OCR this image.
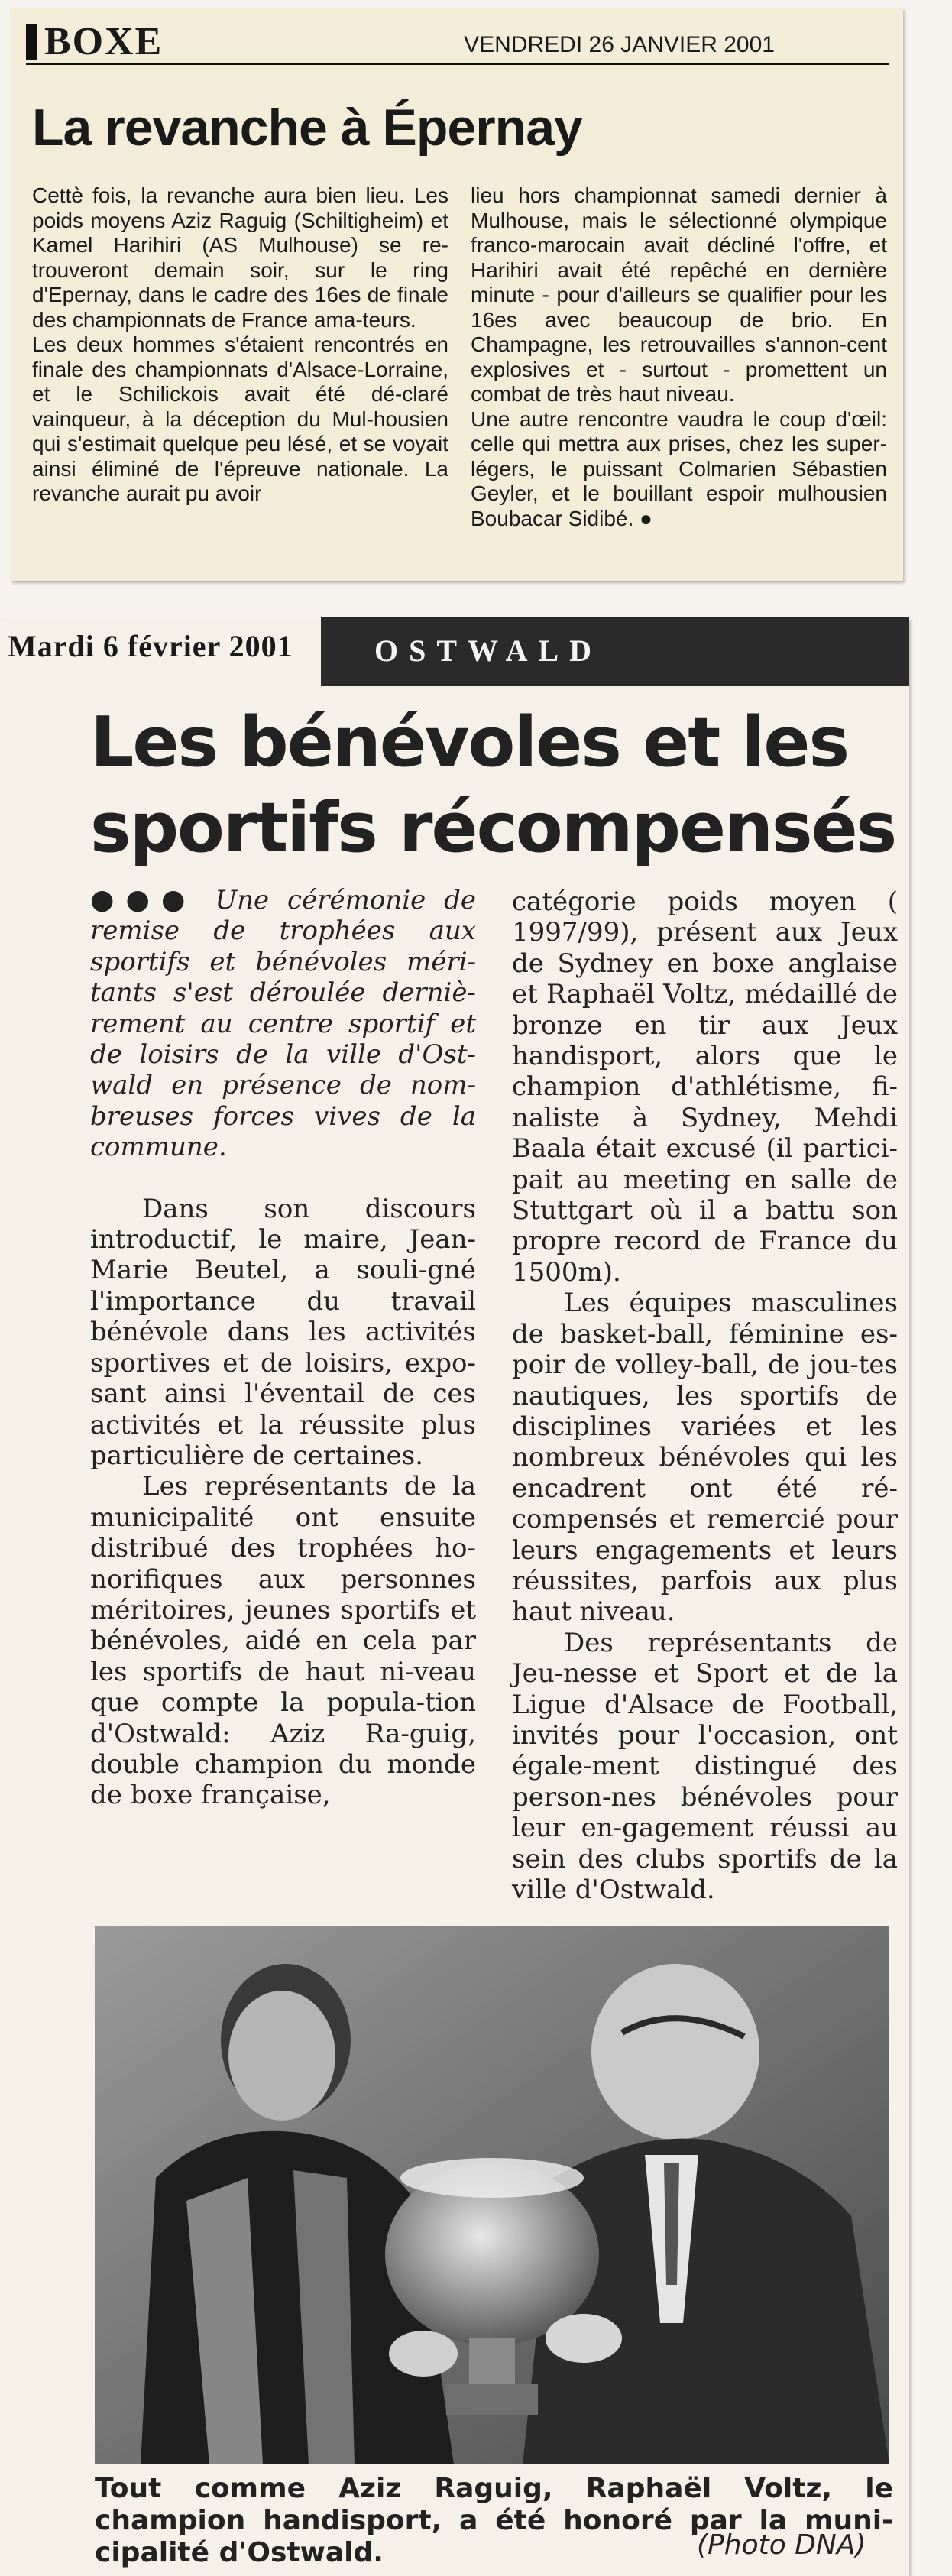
BOXE	VENDREDI 26 JANVIER 2001
La revanche à Épernay

Cettè fois, la revanche aura bien lieu. Les poids moyens Aziz Raguig (Schiltigheim) et Kamel Harihiri (AS Mulhouse) se re-trouveront demain soir, sur le ring d'Epernay, dans le cadre des 16es de finale des championnats de France ama-teurs.

Les deux hommes s'étaient rencontrés en finale des championnats d'Alsace-Lorraine, et le Schilickois avait été dé-claré vainqueur, à la déception du Mul-housien qui s'estimait quelque peu lésé, et se voyait ainsi éliminé de l'épreuve nationale. La revanche aurait pu avoir

lieu hors championnat samedi dernier à Mulhouse, mais le sélectionné olympique franco-marocain avait décliné l'offre, et Harihiri avait été repêché en dernière minute - pour d'ailleurs se qualifier pour les 16es avec beaucoup de brio. En Champagne, les retrouvailles s'annon-cent explosives et - surtout - promettent un combat de très haut niveau.

Une autre rencontre vaudra le coup d'œil: celle qui mettra aux prises, chez les super-légers, le puissant Colmarien Sébastien Geyler, et le bouillant espoir mulhousien Boubacar Sidibé. ●

Mardi 6 février 2001	OSTWALD
Les bénévoles et les sportifs récompensés

●●● Une cérémonie de remise de trophées aux sportifs et bénévoles méri-tants s'est déroulée derniè-rement au centre sportif et de loisirs de la ville d'Ost-wald en présence de nom-breuses forces vives de la commune.

Dans son discours introductif, le maire, Jean-Marie Beutel, a souli-gné l'importance du travail bénévole dans les activités sportives et de loisirs, expo-sant ainsi l'éventail de ces activités et la réussite plus particulière de certaines.

Les représentants de la municipalité ont ensuite distribué des trophées ho-norifiques aux personnes méritoires, jeunes sportifs et bénévoles, aidé en cela par les sportifs de haut ni-veau que compte la popula-tion d'Ostwald: Aziz Ra-guig, double champion du monde de boxe française,

catégorie poids moyen ( 1997/99), présent aux Jeux de Sydney en boxe anglaise et Raphaël Voltz, médaillé de bronze en tir aux Jeux handisport, alors que le champion d'athlétisme, fi-naliste à Sydney, Mehdi Baala était excusé (il partici-pait au meeting en salle de Stuttgart où il a battu son propre record de France du 1500m).

Les équipes masculines de basket-ball, féminine es-poir de volley-ball, de jou-tes nautiques, les sportifs de disciplines variées et les nombreux bénévoles qui les encadrent ont été ré-compensés et remercié pour leurs engagements et leurs réussites, parfois aux plus haut niveau.

Des représentants de Jeu-nesse et Sport et de la Ligue d'Alsace de Football, invités pour l'occasion, ont égale-ment distingué des person-nes bénévoles pour leur en-gagement réussi au sein des clubs sportifs de la ville d'Ostwald.

Tout comme Aziz Raguig, Raphaël Voltz, le champion handisport, a été honoré par la muni-cipalité d'Ostwald.	(Photo DNA)
